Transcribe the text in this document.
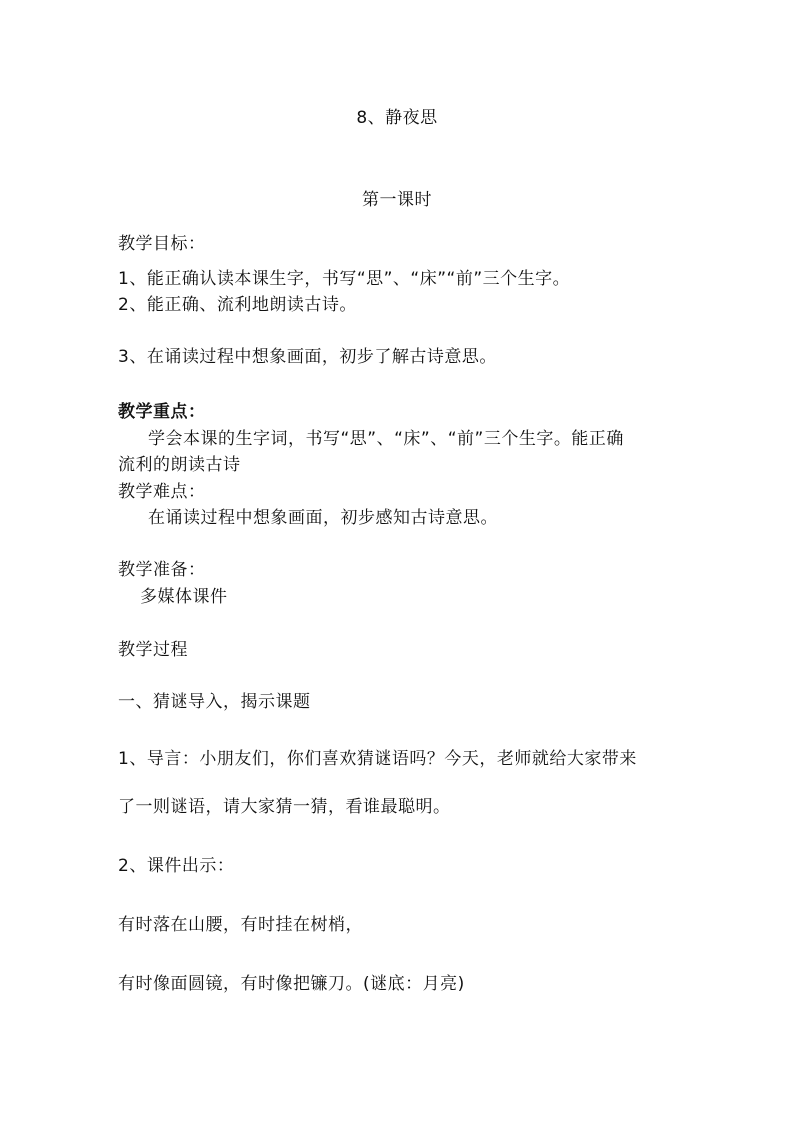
8、静夜思
第一课时
教学目标：
1、能正确认读本课生字，书写“思”、“床”“前”三个生字。
2、能正确、流利地朗读古诗。
3、在诵读过程中想象画面，初步了解古诗意思。
教学重点：
学会本课的生字词，书写“思”、“床”、“前”三个生字。能正确
流利的朗读古诗
教学难点：
在诵读过程中想象画面，初步感知古诗意思。
教学准备：
多媒体课件
教学过程
一、猜谜导入，揭示课题
1、导言：小朋友们，你们喜欢猜谜语吗？今天，老师就给大家带来
了一则谜语，请大家猜一猜，看谁最聪明。
2、课件出示：
有时落在山腰，有时挂在树梢，
有时像面圆镜，有时像把镰刀。(谜底：月亮)
